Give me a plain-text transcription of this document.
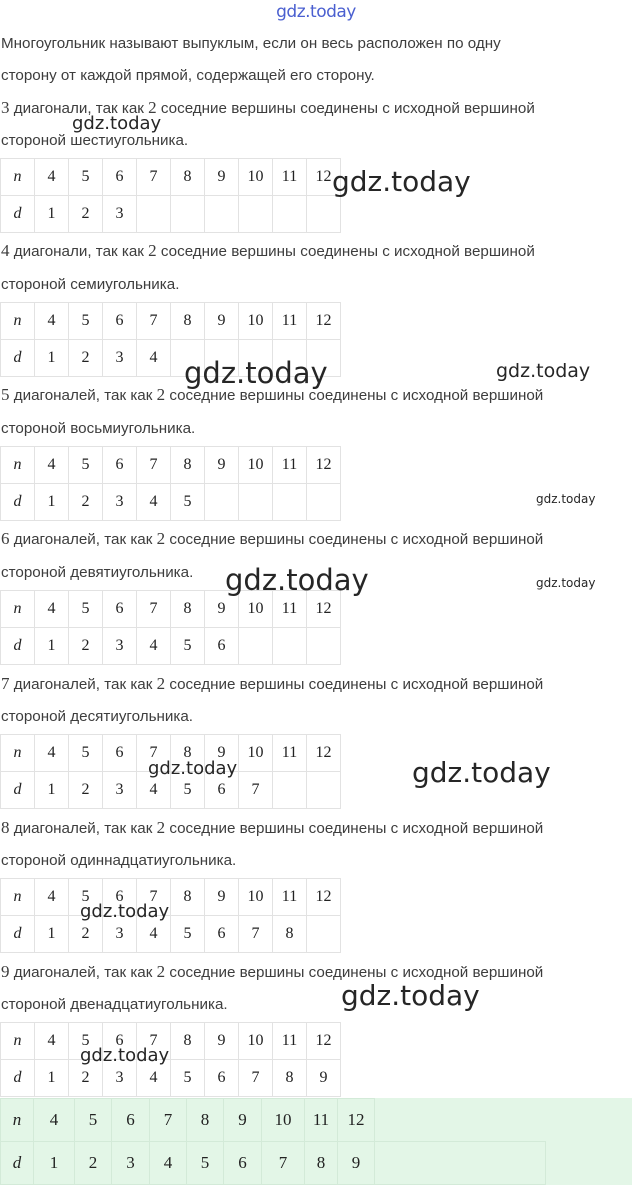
gdz.today
Многоугольник называют выпуклым, если он весь расположен по одну
сторону от каждой прямой, содержащей его сторону.
3 диагонали, так как 2 соседние вершины соединены с исходной вершиной
стороной шестиугольника.
n	4	5	6	7	8	9	10	11	12
d	1	2	3						
4 диагонали, так как 2 соседние вершины соединены с исходной вершиной
стороной семиугольника.
n	4	5	6	7	8	9	10	11	12
d	1	2	3	4					
5 диагоналей, так как 2 соседние вершины соединены с исходной вершиной
стороной восьмиугольника.
n	4	5	6	7	8	9	10	11	12
d	1	2	3	4	5				
6 диагоналей, так как 2 соседние вершины соединены с исходной вершиной
стороной девятиугольника.
n	4	5	6	7	8	9	10	11	12
d	1	2	3	4	5	6			
7 диагоналей, так как 2 соседние вершины соединены с исходной вершиной
стороной десятиугольника.
n	4	5	6	7	8	9	10	11	12
d	1	2	3	4	5	6	7		
8 диагоналей, так как 2 соседние вершины соединены с исходной вершиной
стороной одиннадцатиугольника.
n	4	5	6	7	8	9	10	11	12
d	1	2	3	4	5	6	7	8	
9 диагоналей, так как 2 соседние вершины соединены с исходной вершиной
стороной двенадцатиугольника.
n	4	5	6	7	8	9	10	11	12
d	1	2	3	4	5	6	7	8	9
n	4	5	6	7	8	9	10	11	12		
d	1	2	3	4	5	6	7	8	9		
gdz.today
gdz.today
gdz.today	gdz.today
gdz.today
gdz.today	gdz.today
gdz.today	gdz.today
gdz.today
gdz.today
gdz.today
